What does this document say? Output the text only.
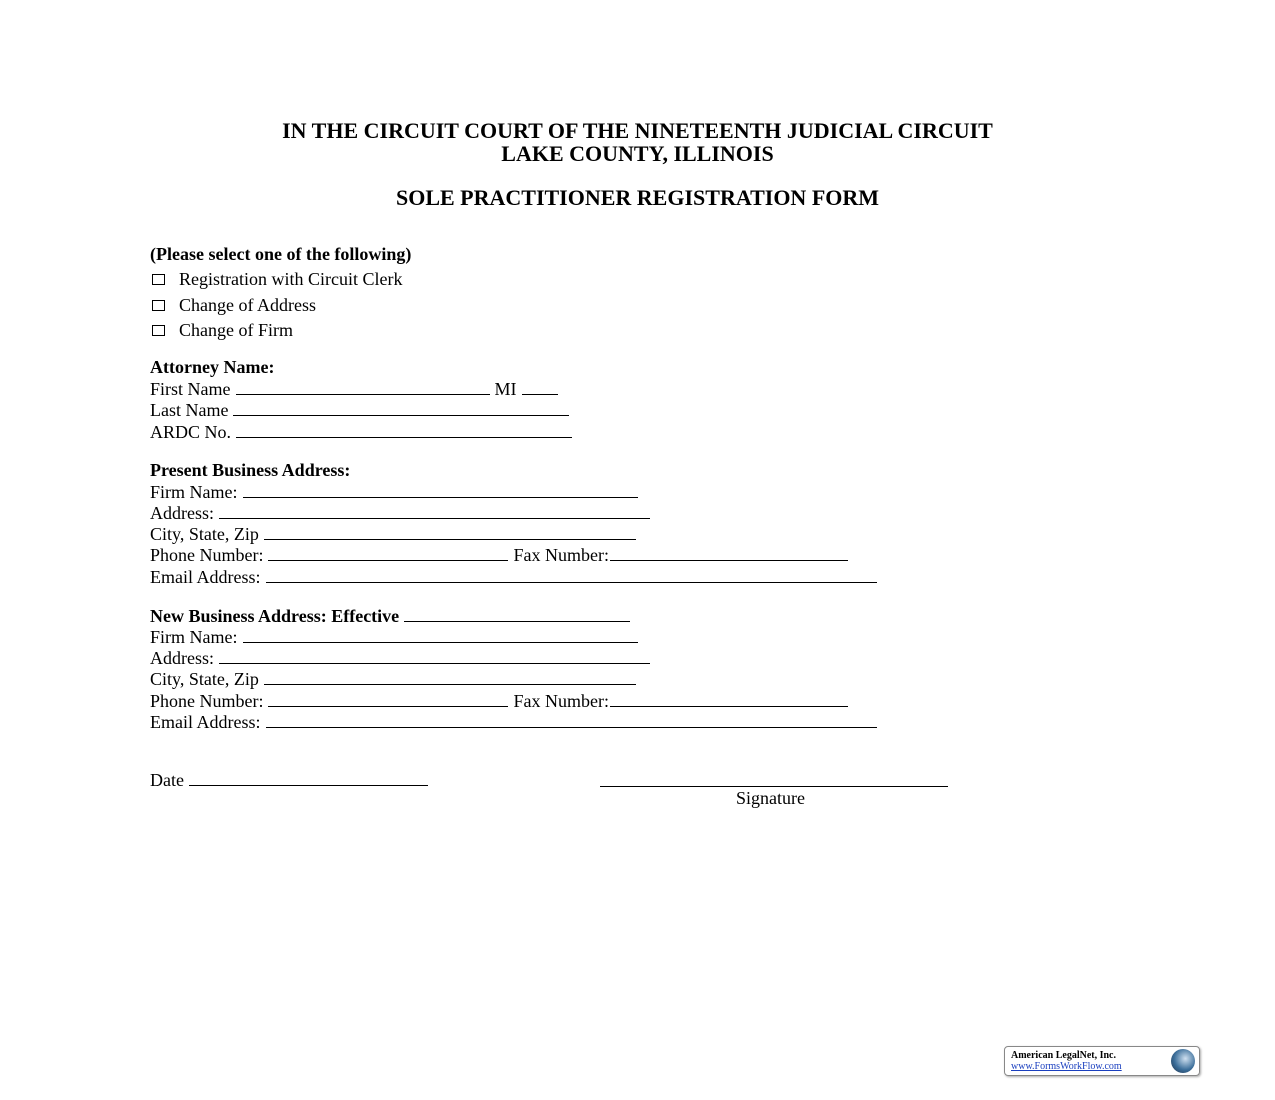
IN THE CIRCUIT COURT OF THE NINETEENTH JUDICIAL CIRCUIT
LAKE COUNTY, ILLINOIS
SOLE PRACTITIONER REGISTRATION FORM
(Please select one of the following)
Registration with Circuit Clerk
Change of Address
Change of Firm
Attorney Name:
First Name	MI
Last Name
ARDC No.
Present Business Address:
Firm Name:
Address:
City, State, Zip
Phone Number:	Fax Number:
Email Address:
New Business Address: Effective
Firm Name:
Address:
City, State, Zip
Phone Number:	Fax Number:
Email Address:
Date
Signature
American LegalNet, Inc.
www.FormsWorkFlow.com
